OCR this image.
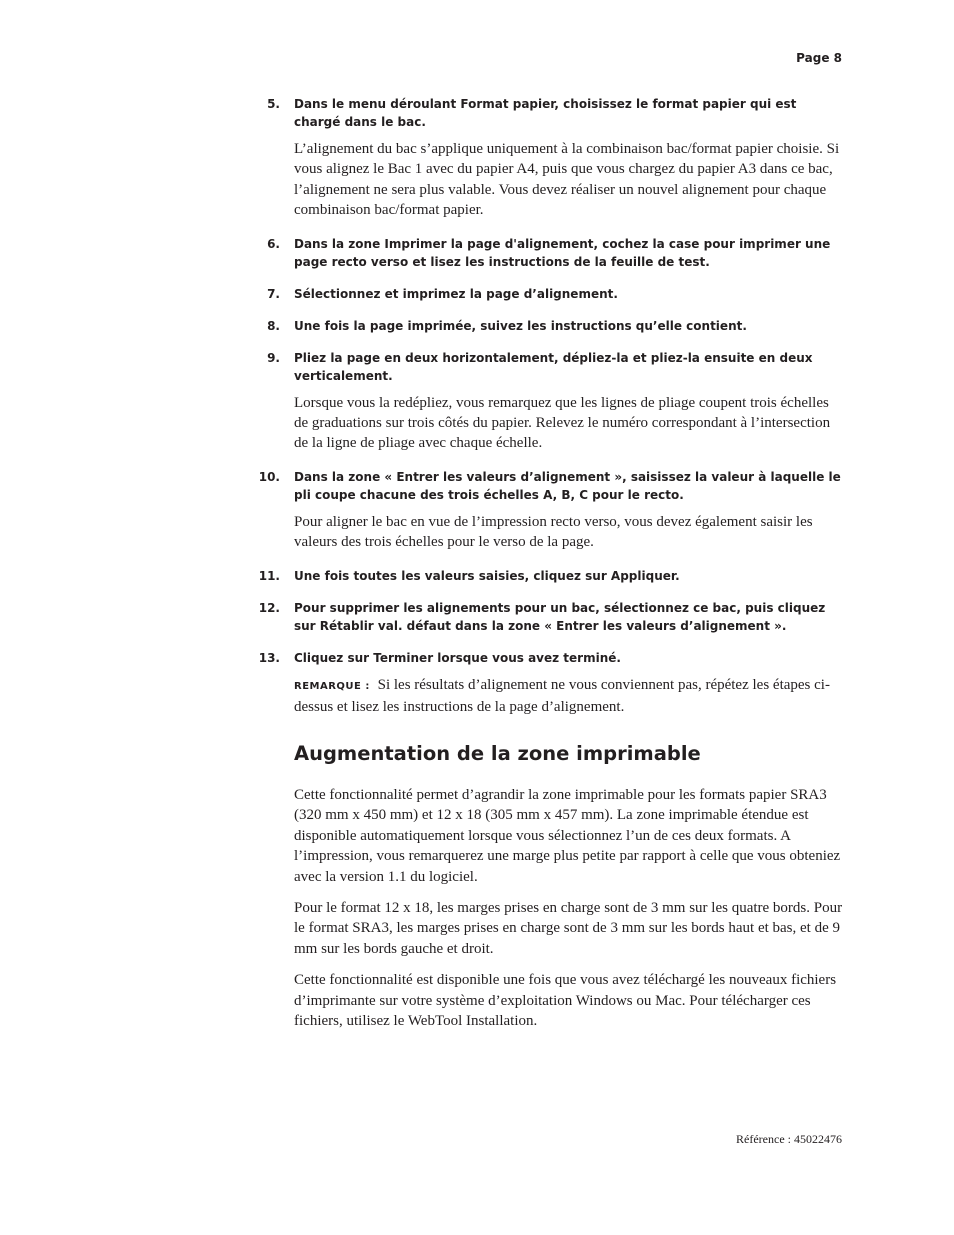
Page 8
5. Dans le menu déroulant Format papier, choisissez le format papier qui est chargé dans le bac.
L’alignement du bac s’applique uniquement à la combinaison bac/format papier choisie. Si vous alignez le Bac 1 avec du papier A4, puis que vous chargez du papier A3 dans ce bac, l’alignement ne sera plus valable. Vous devez réaliser un nouvel alignement pour chaque combinaison bac/format papier.
6. Dans la zone Imprimer la page d'alignement, cochez la case pour imprimer une page recto verso et lisez les instructions de la feuille de test.
7. Sélectionnez et imprimez la page d’alignement.
8. Une fois la page imprimée, suivez les instructions qu’elle contient.
9. Pliez la page en deux horizontalement, dépliez-la et pliez-la ensuite en deux verticalement.
Lorsque vous la redépliez, vous remarquez que les lignes de pliage coupent trois échelles de graduations sur trois côtés du papier. Relevez le numéro correspondant à l’intersection de la ligne de pliage avec chaque échelle.
10. Dans la zone « Entrer les valeurs d’alignement », saisissez la valeur à laquelle le pli coupe chacune des trois échelles A, B, C pour le recto.
Pour aligner le bac en vue de l’impression recto verso, vous devez également saisir les valeurs des trois échelles pour le verso de la page.
11. Une fois toutes les valeurs saisies, cliquez sur Appliquer.
12. Pour supprimer les alignements pour un bac, sélectionnez ce bac, puis cliquez sur Rétablir val. défaut dans la zone « Entrer les valeurs d’alignement ».
13. Cliquez sur Terminer lorsque vous avez terminé.
REMARQUE : Si les résultats d’alignement ne vous conviennent pas, répétez les étapes ci-dessus et lisez les instructions de la page d’alignement.
Augmentation de la zone imprimable

Cette fonctionnalité permet d’agrandir la zone imprimable pour les formats papier SRA3 (320 mm x 450 mm) et 12 x 18 (305 mm x 457 mm). La zone imprimable étendue est disponible automatiquement lorsque vous sélectionnez l’un de ces deux formats. A l’impression, vous remarquerez une marge plus petite par rapport à celle que vous obteniez avec la version 1.1 du logiciel.

Pour le format 12 x 18, les marges prises en charge sont de 3 mm sur les quatre bords. Pour le format SRA3, les marges prises en charge sont de 3 mm sur les bords haut et bas, et de 9 mm sur les bords gauche et droit.

Cette fonctionnalité est disponible une fois que vous avez téléchargé les nouveaux fichiers d’imprimante sur votre système d’exploitation Windows ou Mac. Pour télécharger ces fichiers, utilisez le WebTool Installation.

Référence : 45022476
